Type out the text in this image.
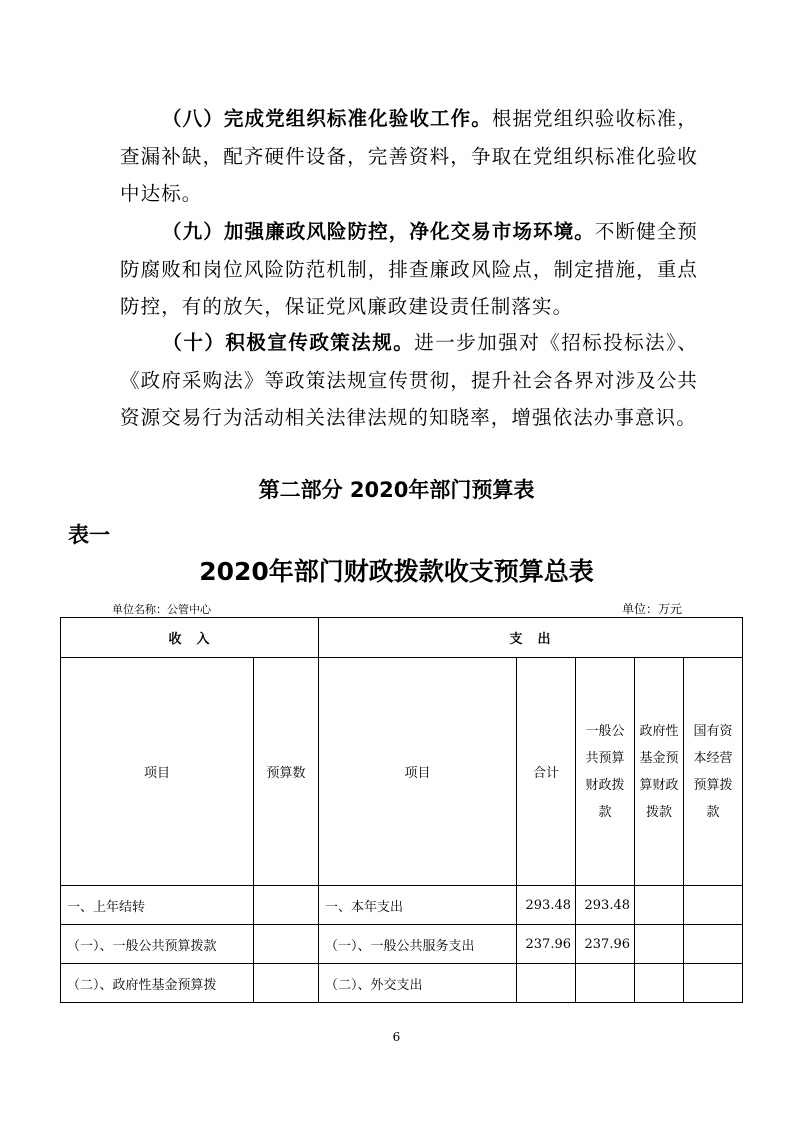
（八）完成党组织标准化验收工作。根据党组织验收标准，查漏补缺，配齐硬件设备，完善资料，争取在党组织标准化验收中达标。
（九）加强廉政风险防控，净化交易市场环境。不断健全预防腐败和岗位风险防范机制，排查廉政风险点，制定措施，重点防控，有的放矢，保证党风廉政建设责任制落实。
（十）积极宣传政策法规。进一步加强对《招标投标法》、《政府采购法》等政策法规宣传贯彻，提升社会各界对涉及公共资源交易行为活动相关法律法规的知晓率，增强依法办事意识。
第二部分 2020年部门预算表
表一
2020年部门财政拨款收支预算总表
单位名称：公管中心	单位：万元
收　入		支　出				
项目	预算数	项目	合计	一般公共预算财政拨款	政府性基金预算财政拨款	国有资本经营预算拨款
一、上年结转		一、本年支出	293.48	293.48		
（一）、一般公共预算拨款		（一）、一般公共服务支出	237.96	237.96		
（二）、政府性基金预算拨		（二）、外交支出				
6
